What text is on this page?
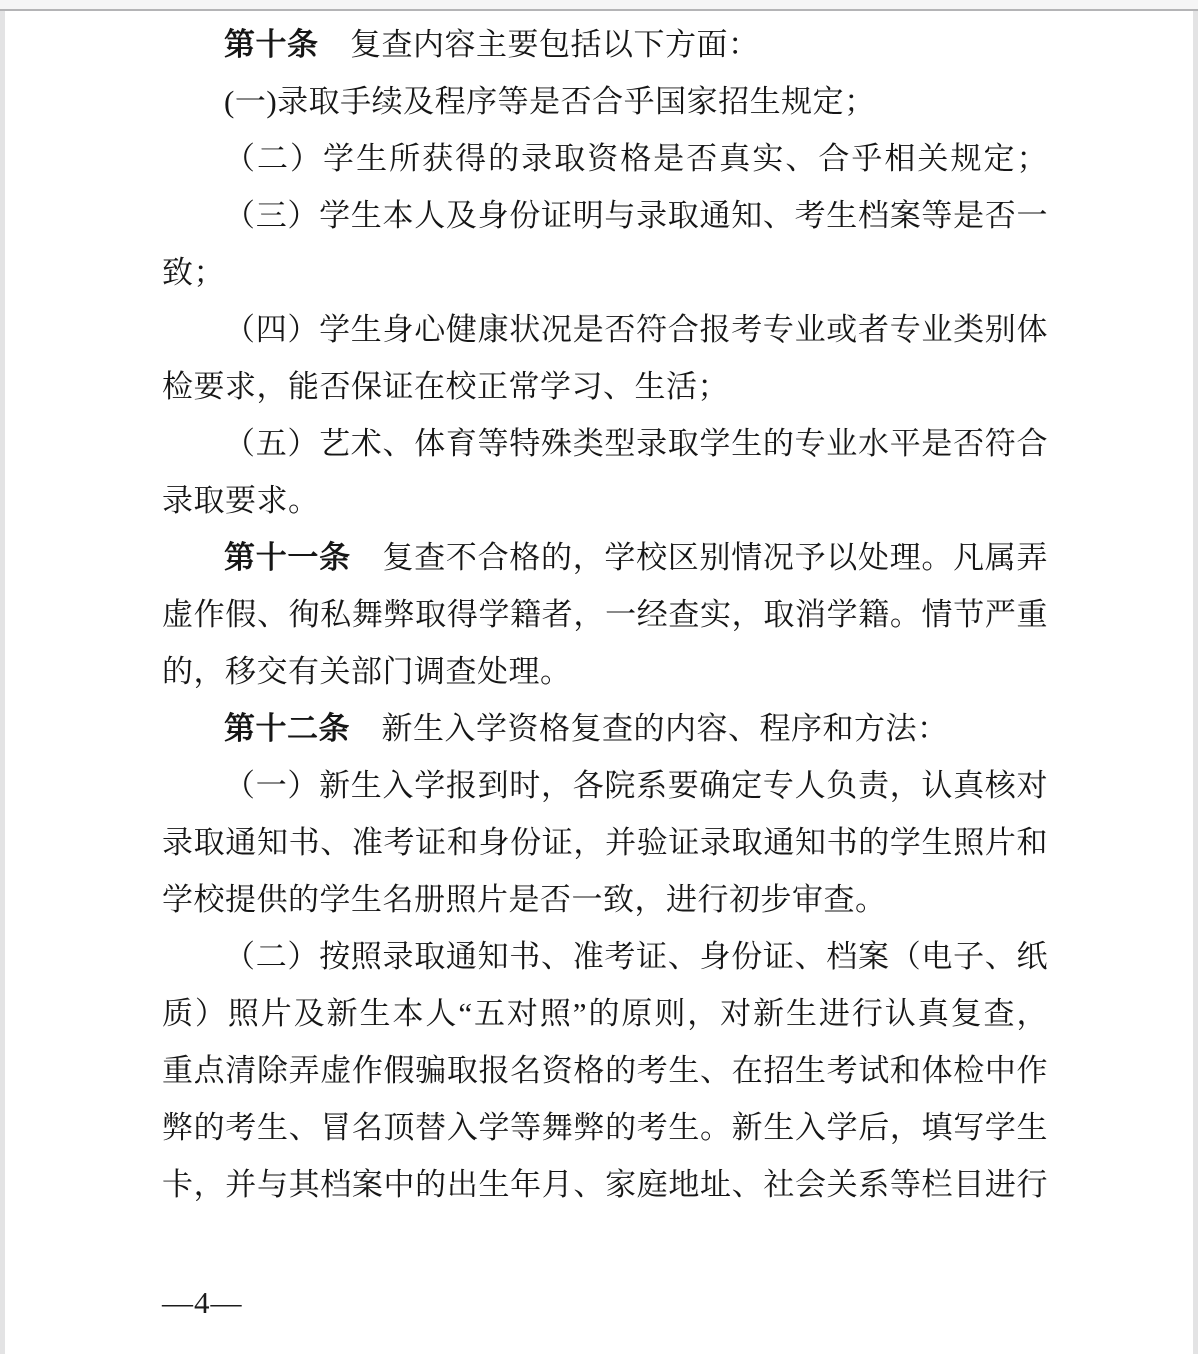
第十条　复查内容主要包括以下方面：
(一)录取手续及程序等是否合乎国家招生规定；
（二）学生所获得的录取资格是否真实、合乎相关规定；
（三）学生本人及身份证明与录取通知、考生档案等是否一
致；
（四）学生身心健康状况是否符合报考专业或者专业类别体
检要求，能否保证在校正常学习、生活；
（五）艺术、体育等特殊类型录取学生的专业水平是否符合
录取要求。
第十一条　复查不合格的，学校区别情况予以处理。凡属弄
虚作假、徇私舞弊取得学籍者，一经查实，取消学籍。情节严重
的，移交有关部门调查处理。
第十二条　新生入学资格复查的内容、程序和方法：
（一）新生入学报到时，各院系要确定专人负责，认真核对
录取通知书、准考证和身份证，并验证录取通知书的学生照片和
学校提供的学生名册照片是否一致，进行初步审查。
（二）按照录取通知书、准考证、身份证、档案（电子、纸
质）照片及新生本人“五对照”的原则，对新生进行认真复查，
重点清除弄虚作假骗取报名资格的考生、在招生考试和体检中作
弊的考生、冒名顶替入学等舞弊的考生。新生入学后，填写学生
卡，并与其档案中的出生年月、家庭地址、社会关系等栏目进行
—4—
